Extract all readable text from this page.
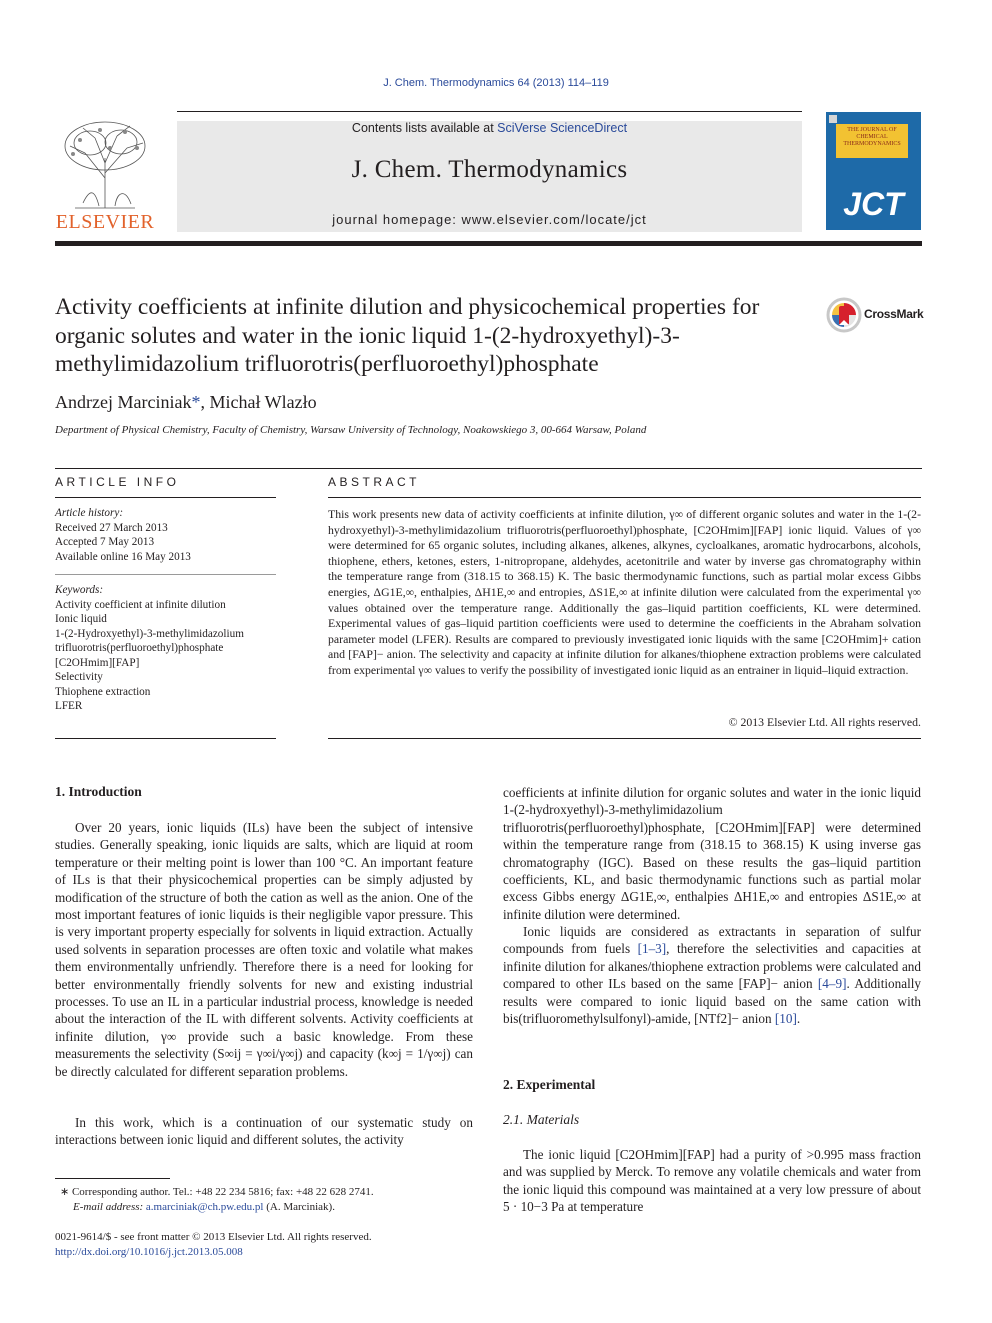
J. Chem. Thermodynamics 64 (2013) 114–119
ELSEVIER
Contents lists available at SciVerse ScienceDirect
J. Chem. Thermodynamics
journal homepage: www.elsevier.com/locate/jct
THE JOURNAL OF CHEMICAL THERMODYNAMICS
JCT
Activity coefficients at infinite dilution and physicochemical properties for organic solutes and water in the ionic liquid 1-(2-hydroxyethyl)-3-methylimidazolium trifluorotris(perfluoroethyl)phosphate
CrossMark
Andrzej Marciniak*, Michał Wlazło
Department of Physical Chemistry, Faculty of Chemistry, Warsaw University of Technology, Noakowskiego 3, 00-664 Warsaw, Poland
ARTICLE INFO
Article history:
Received 27 March 2013
Accepted 7 May 2013
Available online 16 May 2013
Keywords:
Activity coefficient at infinite dilution
Ionic liquid
1-(2-Hydroxyethyl)-3-methylimidazolium
trifluorotris(perfluoroethyl)phosphate
[C2OHmim][FAP]
Selectivity
Thiophene extraction
LFER
ABSTRACT
This work presents new data of activity coefficients at infinite dilution, γ∞ of different organic solutes and water in the 1-(2-hydroxyethyl)-3-methylimidazolium trifluorotris(perfluoroethyl)phosphate, [C2OHmim][FAP] ionic liquid. Values of γ∞ were determined for 65 organic solutes, including alkanes, alkenes, alkynes, cycloalkanes, aromatic hydrocarbons, alcohols, thiophene, ethers, ketones, esters, 1-nitropropane, aldehydes, acetonitrile and water by inverse gas chromatography within the temperature range from (318.15 to 368.15) K. The basic thermodynamic functions, such as partial molar excess Gibbs energies, ΔG1E,∞, enthalpies, ΔH1E,∞ and entropies, ΔS1E,∞ at infinite dilution were calculated from the experimental γ∞ values obtained over the temperature range. Additionally the gas–liquid partition coefficients, KL were determined. Experimental values of gas–liquid partition coefficients were used to determine the coefficients in the Abraham solvation parameter model (LFER). Results are compared to previously investigated ionic liquids with the same [C2OHmim]+ cation and [FAP]− anion. The selectivity and capacity at infinite dilution for alkanes/thiophene extraction problems were calculated from experimental γ∞ values to verify the possibility of investigated ionic liquid as an entrainer in liquid–liquid extraction.
© 2013 Elsevier Ltd. All rights reserved.
1. Introduction
Over 20 years, ionic liquids (ILs) have been the subject of intensive studies. Generally speaking, ionic liquids are salts, which are liquid at room temperature or their melting point is lower than 100 °C. An important feature of ILs is that their physicochemical properties can be simply adjusted by modification of the structure of both the cation as well as the anion. One of the most important features of ionic liquids is their negligible vapor pressure. This is very important property especially for solvents in liquid extraction. Actually used solvents in separation processes are often toxic and volatile what makes them environmentally unfriendly. Therefore there is a need for looking for better environmentally friendly solvents for new and existing industrial processes. To use an IL in a particular industrial process, knowledge is needed about the interaction of the IL with different solvents. Activity coefficients at infinite dilution, γ∞ provide such a basic knowledge. From these measurements the selectivity (S∞ij = γ∞i/γ∞j) and capacity (k∞j = 1/γ∞j) can be directly calculated for different separation problems.
In this work, which is a continuation of our systematic study on interactions between ionic liquid and different solutes, the activity
coefficients at infinite dilution for organic solutes and water in the ionic liquid 1-(2-hydroxyethyl)-3-methylimidazolium trifluorotris(perfluoroethyl)phosphate, [C2OHmim][FAP] were determined within the temperature range from (318.15 to 368.15) K using inverse gas chromatography (IGC). Based on these results the gas–liquid partition coefficients, KL, and basic thermodynamic functions such as partial molar excess Gibbs energy ΔG1E,∞, enthalpies ΔH1E,∞ and entropies ΔS1E,∞ at infinite dilution were determined.
Ionic liquids are considered as extractants in separation of sulfur compounds from fuels [1–3], therefore the selectivities and capacities at infinite dilution for alkanes/thiophene extraction problems were calculated and compared to other ILs based on the same [FAP]− anion [4–9]. Additionally results were compared to ionic liquid based on the same cation with bis(trifluoromethylsulfonyl)-amide, [NTf2]− anion [10].
2. Experimental
2.1. Materials
The ionic liquid [C2OHmim][FAP] had a purity of >0.995 mass fraction and was supplied by Merck. To remove any volatile chemicals and water from the ionic liquid this compound was maintained at a very low pressure of about 5 · 10−3 Pa at temperature
∗ Corresponding author. Tel.: +48 22 234 5816; fax: +48 22 628 2741.
E-mail address: a.marciniak@ch.pw.edu.pl (A. Marciniak).
0021-9614/$ - see front matter © 2013 Elsevier Ltd. All rights reserved.
http://dx.doi.org/10.1016/j.jct.2013.05.008
